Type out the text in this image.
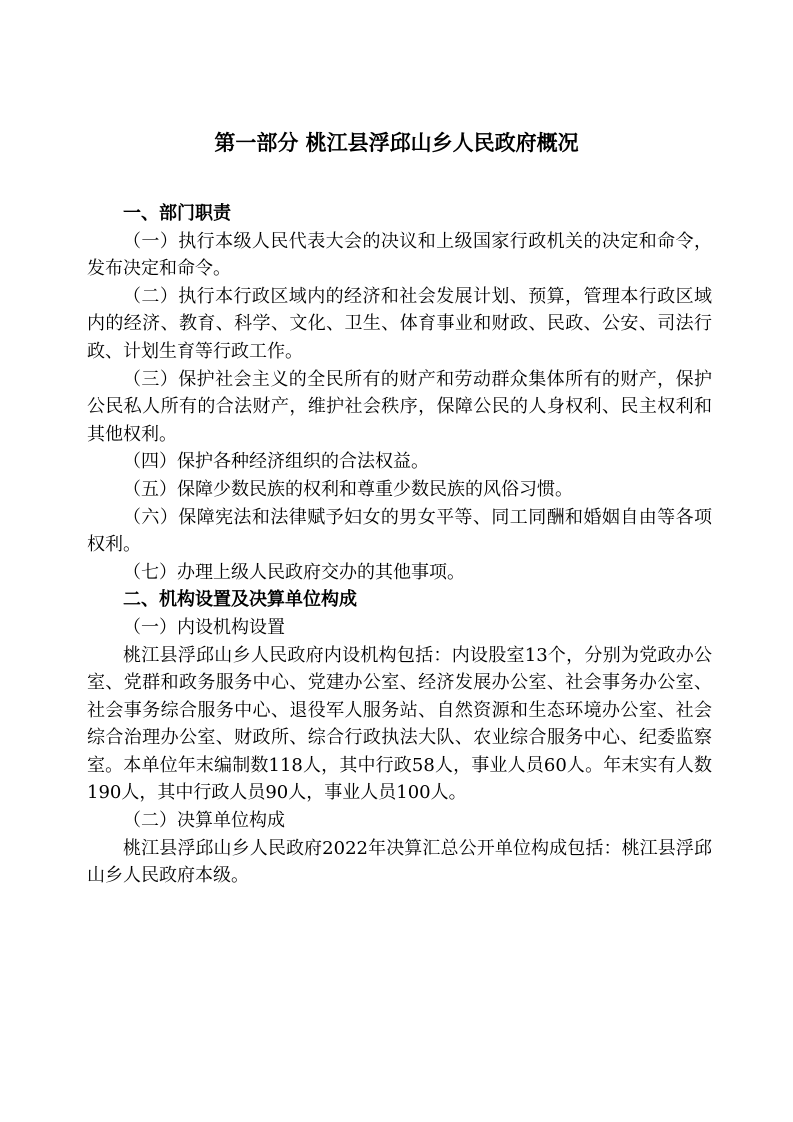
第一部分 桃江县浮邱山乡人民政府概况
一、部门职责

（一）执行本级人民代表大会的决议和上级国家行政机关的决定和命令，发布决定和命令。

（二）执行本行政区域内的经济和社会发展计划、预算，管理本行政区域内的经济、教育、科学、文化、卫生、体育事业和财政、民政、公安、司法行政、计划生育等行政工作。

（三）保护社会主义的全民所有的财产和劳动群众集体所有的财产，保护公民私人所有的合法财产，维护社会秩序，保障公民的人身权利、民主权利和其他权利。

（四）保护各种经济组织的合法权益。

（五）保障少数民族的权利和尊重少数民族的风俗习惯。

（六）保障宪法和法律赋予妇女的男女平等、同工同酬和婚姻自由等各项权利。

（七）办理上级人民政府交办的其他事项。

二、机构设置及决算单位构成

（一）内设机构设置

桃江县浮邱山乡人民政府内设机构包括：内设股室13个，分别为党政办公室、党群和政务服务中心、党建办公室、经济发展办公室、社会事务办公室、社会事务综合服务中心、退役军人服务站、自然资源和生态环境办公室、社会综合治理办公室、财政所、综合行政执法大队、农业综合服务中心、纪委监察室。本单位年末编制数118人，其中行政58人，事业人员60人。年末实有人数190人，其中行政人员90人，事业人员100人。

（二）决算单位构成

桃江县浮邱山乡人民政府2022年决算汇总公开单位构成包括：桃江县浮邱山乡人民政府本级。
